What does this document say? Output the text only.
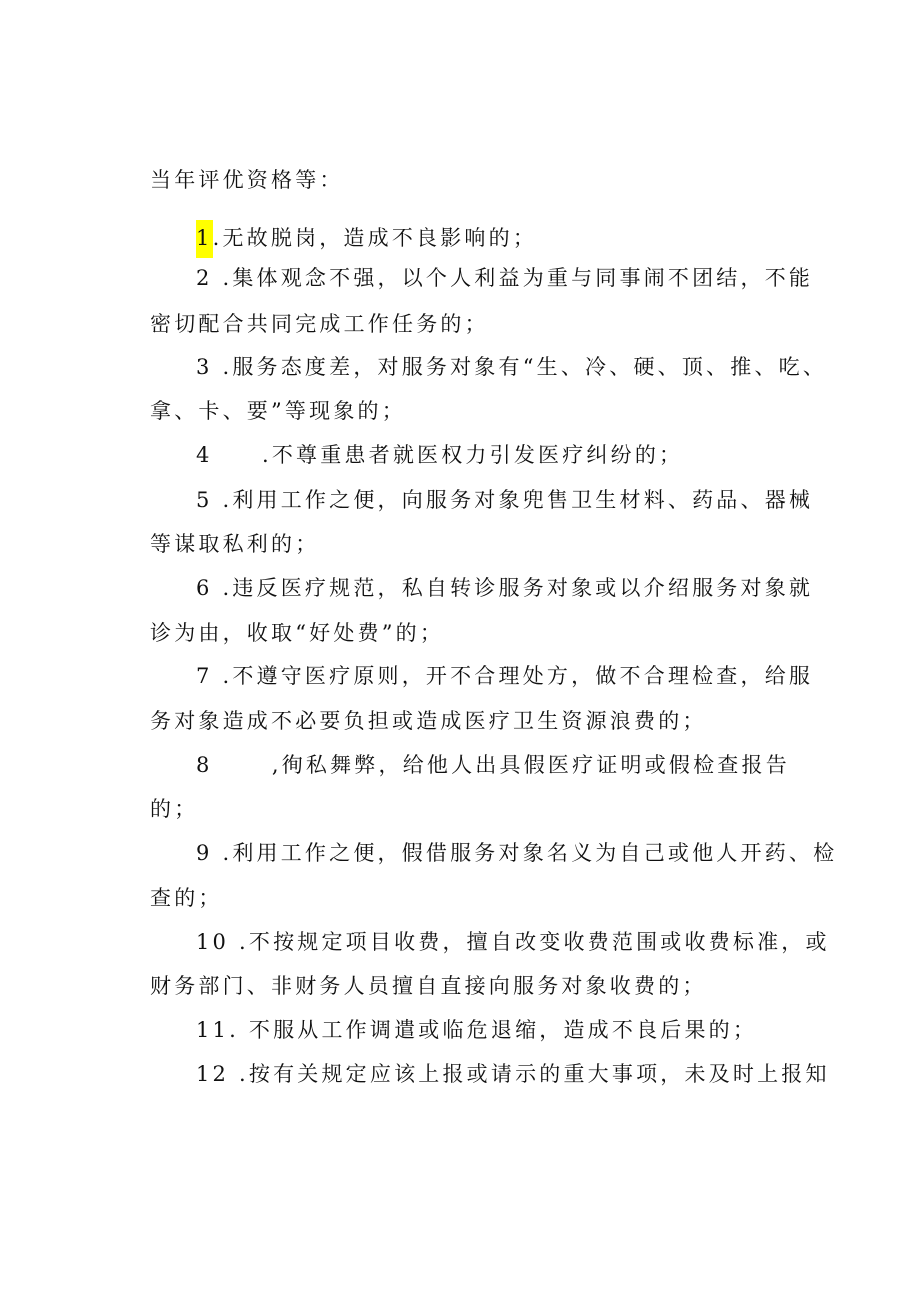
当年评优资格等：
1.无故脱岗，造成不良影响的；
2 .集体观念不强，以个人利益为重与同事闹不团结，不能
密切配合共同完成工作任务的；
3 .服务态度差，对服务对象有“生、冷、硬、顶、推、吃、
拿、卡、要”等现象的；
4     .不尊重患者就医权力引发医疗纠纷的；
5 .利用工作之便，向服务对象兜售卫生材料、药品、器械
等谋取私利的；
6 .违反医疗规范，私自转诊服务对象或以介绍服务对象就
诊为由，收取“好处费”的；
7 .不遵守医疗原则，开不合理处方，做不合理检查，给服
务对象造成不必要负担或造成医疗卫生资源浪费的；
8      ,徇私舞弊，给他人出具假医疗证明或假检查报告
的；
9 .利用工作之便，假借服务对象名义为自己或他人开药、检
查的；
10 .不按规定项目收费，擅自改变收费范围或收费标准，或
财务部门、非财务人员擅自直接向服务对象收费的；
11. 不服从工作调遣或临危退缩，造成不良后果的；
12 .按有关规定应该上报或请示的重大事项，未及时上报知
